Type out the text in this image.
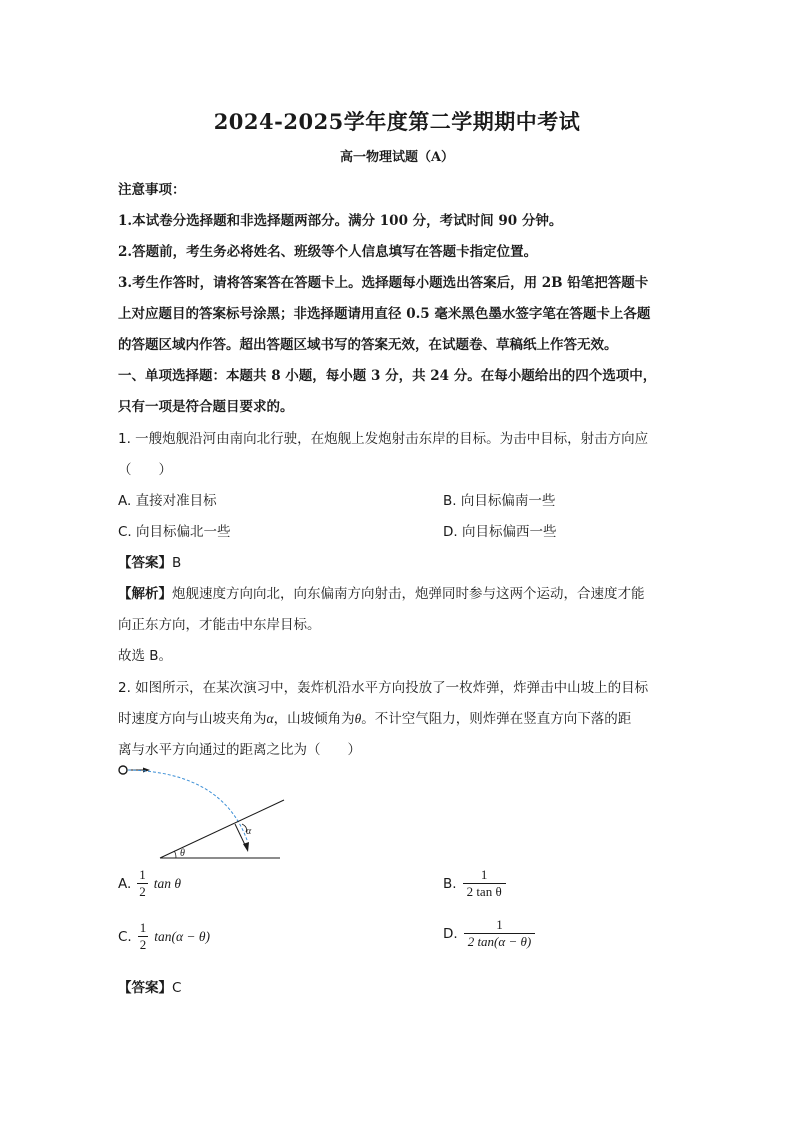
2024-2025学年度第二学期期中考试
高一物理试题（A）
注意事项：
1.本试卷分选择题和非选择题两部分。满分 100 分，考试时间 90 分钟。
2.答题前，考生务必将姓名、班级等个人信息填写在答题卡指定位置。
3.考生作答时，请将答案答在答题卡上。选择题每小题选出答案后，用 2B 铅笔把答题卡
上对应题目的答案标号涂黑；非选择题请用直径 0.5 毫米黑色墨水签字笔在答题卡上各题
的答题区域内作答。超出答题区域书写的答案无效，在试题卷、草稿纸上作答无效。
一、单项选择题：本题共 8 小题，每小题 3 分，共 24 分。在每小题给出的四个选项中，
只有一项是符合题目要求的。
1. 一艘炮舰沿河由南向北行驶，在炮舰上发炮射击东岸的目标。为击中目标，射击方向应
（　　）
A. 直接对准目标	B. 向目标偏南一些
C. 向目标偏北一些	D. 向目标偏西一些
【答案】B
【解析】炮舰速度方向向北，向东偏南方向射击，炮弹同时参与这两个运动，合速度才能
向正东方向，才能击中东岸目标。
故选 B。
2. 如图所示，在某次演习中，轰炸机沿水平方向投放了一枚炸弹，炸弹击中山坡上的目标
时速度方向与山坡夹角为α，山坡倾角为θ。不计空气阻力，则炸弹在竖直方向下落的距
离与水平方向通过的距离之比为（　　）
α
θ
A. $\frac{1}{2}$ tan θ	B. $\frac{1}{\text{2 tan θ}}$
C. $\frac{1}{2} \tan(\alpha - \theta)$	D. $\frac{1}{2 \tan(\alpha - \theta)}$
【答案】C
